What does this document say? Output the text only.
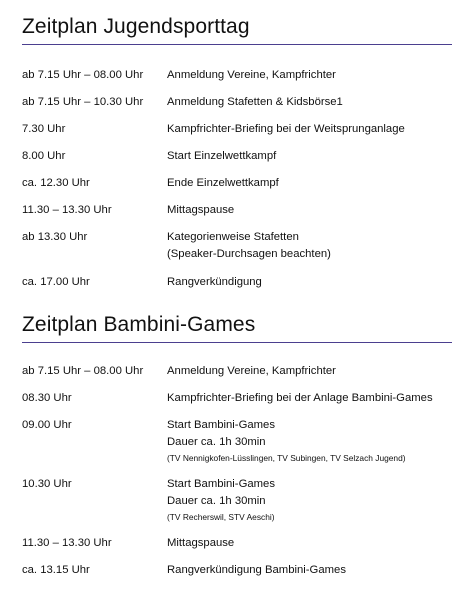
Zeitplan Jugendsporttag
ab 7.15 Uhr – 08.00 Uhr	Anmeldung Vereine, Kampfrichter
ab 7.15 Uhr – 10.30 Uhr	Anmeldung Stafetten & Kidsbörse1
7.30 Uhr	Kampfrichter-Briefing bei der Weitsprunganlage
8.00 Uhr	Start Einzelwettkampf
ca. 12.30 Uhr	Ende Einzelwettkampf
11.30 – 13.30 Uhr	Mittagspause
ab 13.30 Uhr	Kategorienweise Stafetten
(Speaker-Durchsagen beachten)
ca. 17.00 Uhr	Rangverkündigung
Zeitplan Bambini-Games
ab 7.15 Uhr – 08.00 Uhr	Anmeldung Vereine, Kampfrichter
08.30 Uhr	Kampfrichter-Briefing bei der Anlage Bambini-Games
09.00 Uhr	Start Bambini-Games
Dauer ca. 1h 30min
(TV Nennigkofen-Lüsslingen, TV Subingen, TV Selzach Jugend)
10.30 Uhr	Start Bambini-Games
Dauer ca. 1h 30min
(TV Recherswil, STV Aeschi)
11.30 – 13.30 Uhr	Mittagspause
ca. 13.15 Uhr	Rangverkündigung Bambini-Games
